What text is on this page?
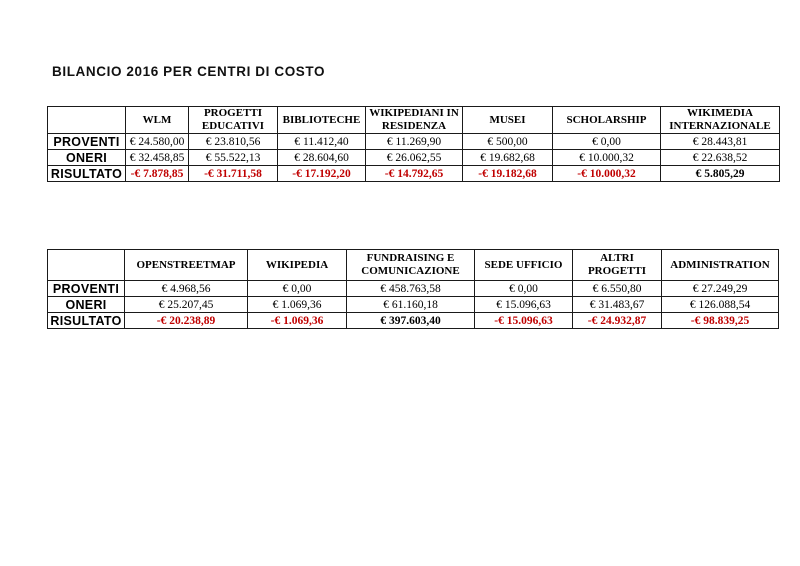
BILANCIO 2016 PER CENTRI DI COSTO
	WLM	PROGETTI EDUCATIVI	BIBLIOTECHE	WIKIPEDIANI IN RESIDENZA	MUSEI	SCHOLARSHIP	WIKIMEDIA INTERNAZIONALE
PROVENTI	€ 24.580,00	€ 23.810,56	€ 11.412,40	€ 11.269,90	€ 500,00	€ 0,00	€ 28.443,81
ONERI	€ 32.458,85	€ 55.522,13	€ 28.604,60	€ 26.062,55	€ 19.682,68	€ 10.000,32	€ 22.638,52
RISULTATO	-€ 7.878,85	-€ 31.711,58	-€ 17.192,20	-€ 14.792,65	-€ 19.182,68	-€ 10.000,32	€ 5.805,29
	OPENSTREETMAP	WIKIPEDIA	FUNDRAISING E COMUNICAZIONE	SEDE UFFICIO	ALTRI PROGETTI	ADMINISTRATION
PROVENTI	€ 4.968,56	€ 0,00	€ 458.763,58	€ 0,00	€ 6.550,80	€ 27.249,29
ONERI	€ 25.207,45	€ 1.069,36	€ 61.160,18	€ 15.096,63	€ 31.483,67	€ 126.088,54
RISULTATO	-€ 20.238,89	-€ 1.069,36	€ 397.603,40	-€ 15.096,63	-€ 24.932,87	-€ 98.839,25
